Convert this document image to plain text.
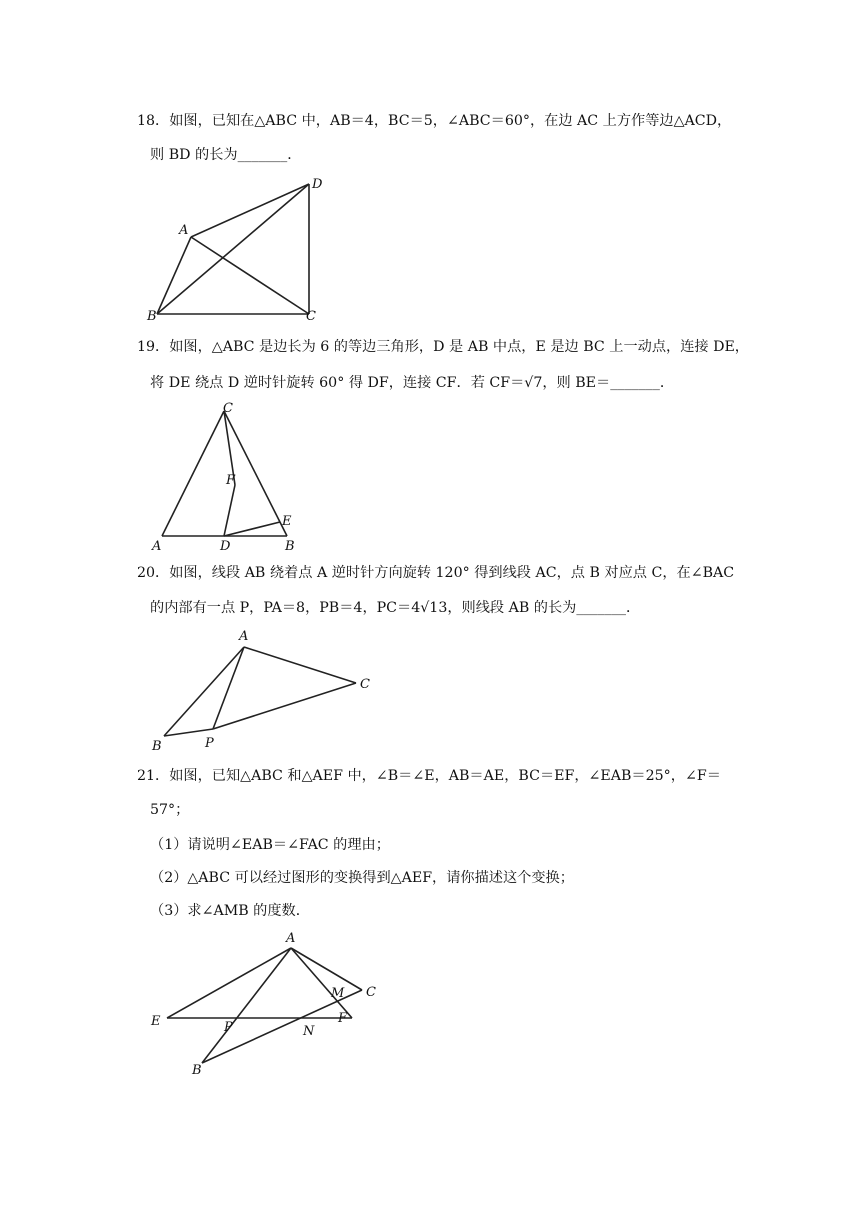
18．如图，已知在△ABC 中，AB＝4，BC＝5，∠ABC＝60°，在边 AC 上方作等边△ACD，
则 BD 的长为_______．
A
B	C
D
19．如图，△ABC 是边长为 6 的等边三角形，D 是 AB 中点，E 是边 BC 上一动点，连接 DE，
将 DE 绕点 D 逆时针旋转 60° 得 DF，连接 CF．若 CF＝√7，则 BE＝_______．
A	B
C
D
E
F
20．如图，线段 AB 绕着点 A 逆时针方向旋转 120° 得到线段 AC，点 B 对应点 C，在∠BAC
的内部有一点 P，PA＝8，PB＝4，PC＝4√13，则线段 AB 的长为_______．
A
B	P
C
21．如图，已知△ABC 和△AEF 中，∠B＝∠E，AB＝AE，BC＝EF，∠EAB＝25°，∠F＝
57°；
（1）请说明∠EAB＝∠FAC 的理由；
（2）△ABC 可以经过图形的变换得到△AEF，请你描述这个变换；
（3）求∠AMB 的度数．
A
E	P	N
F
M C
B
